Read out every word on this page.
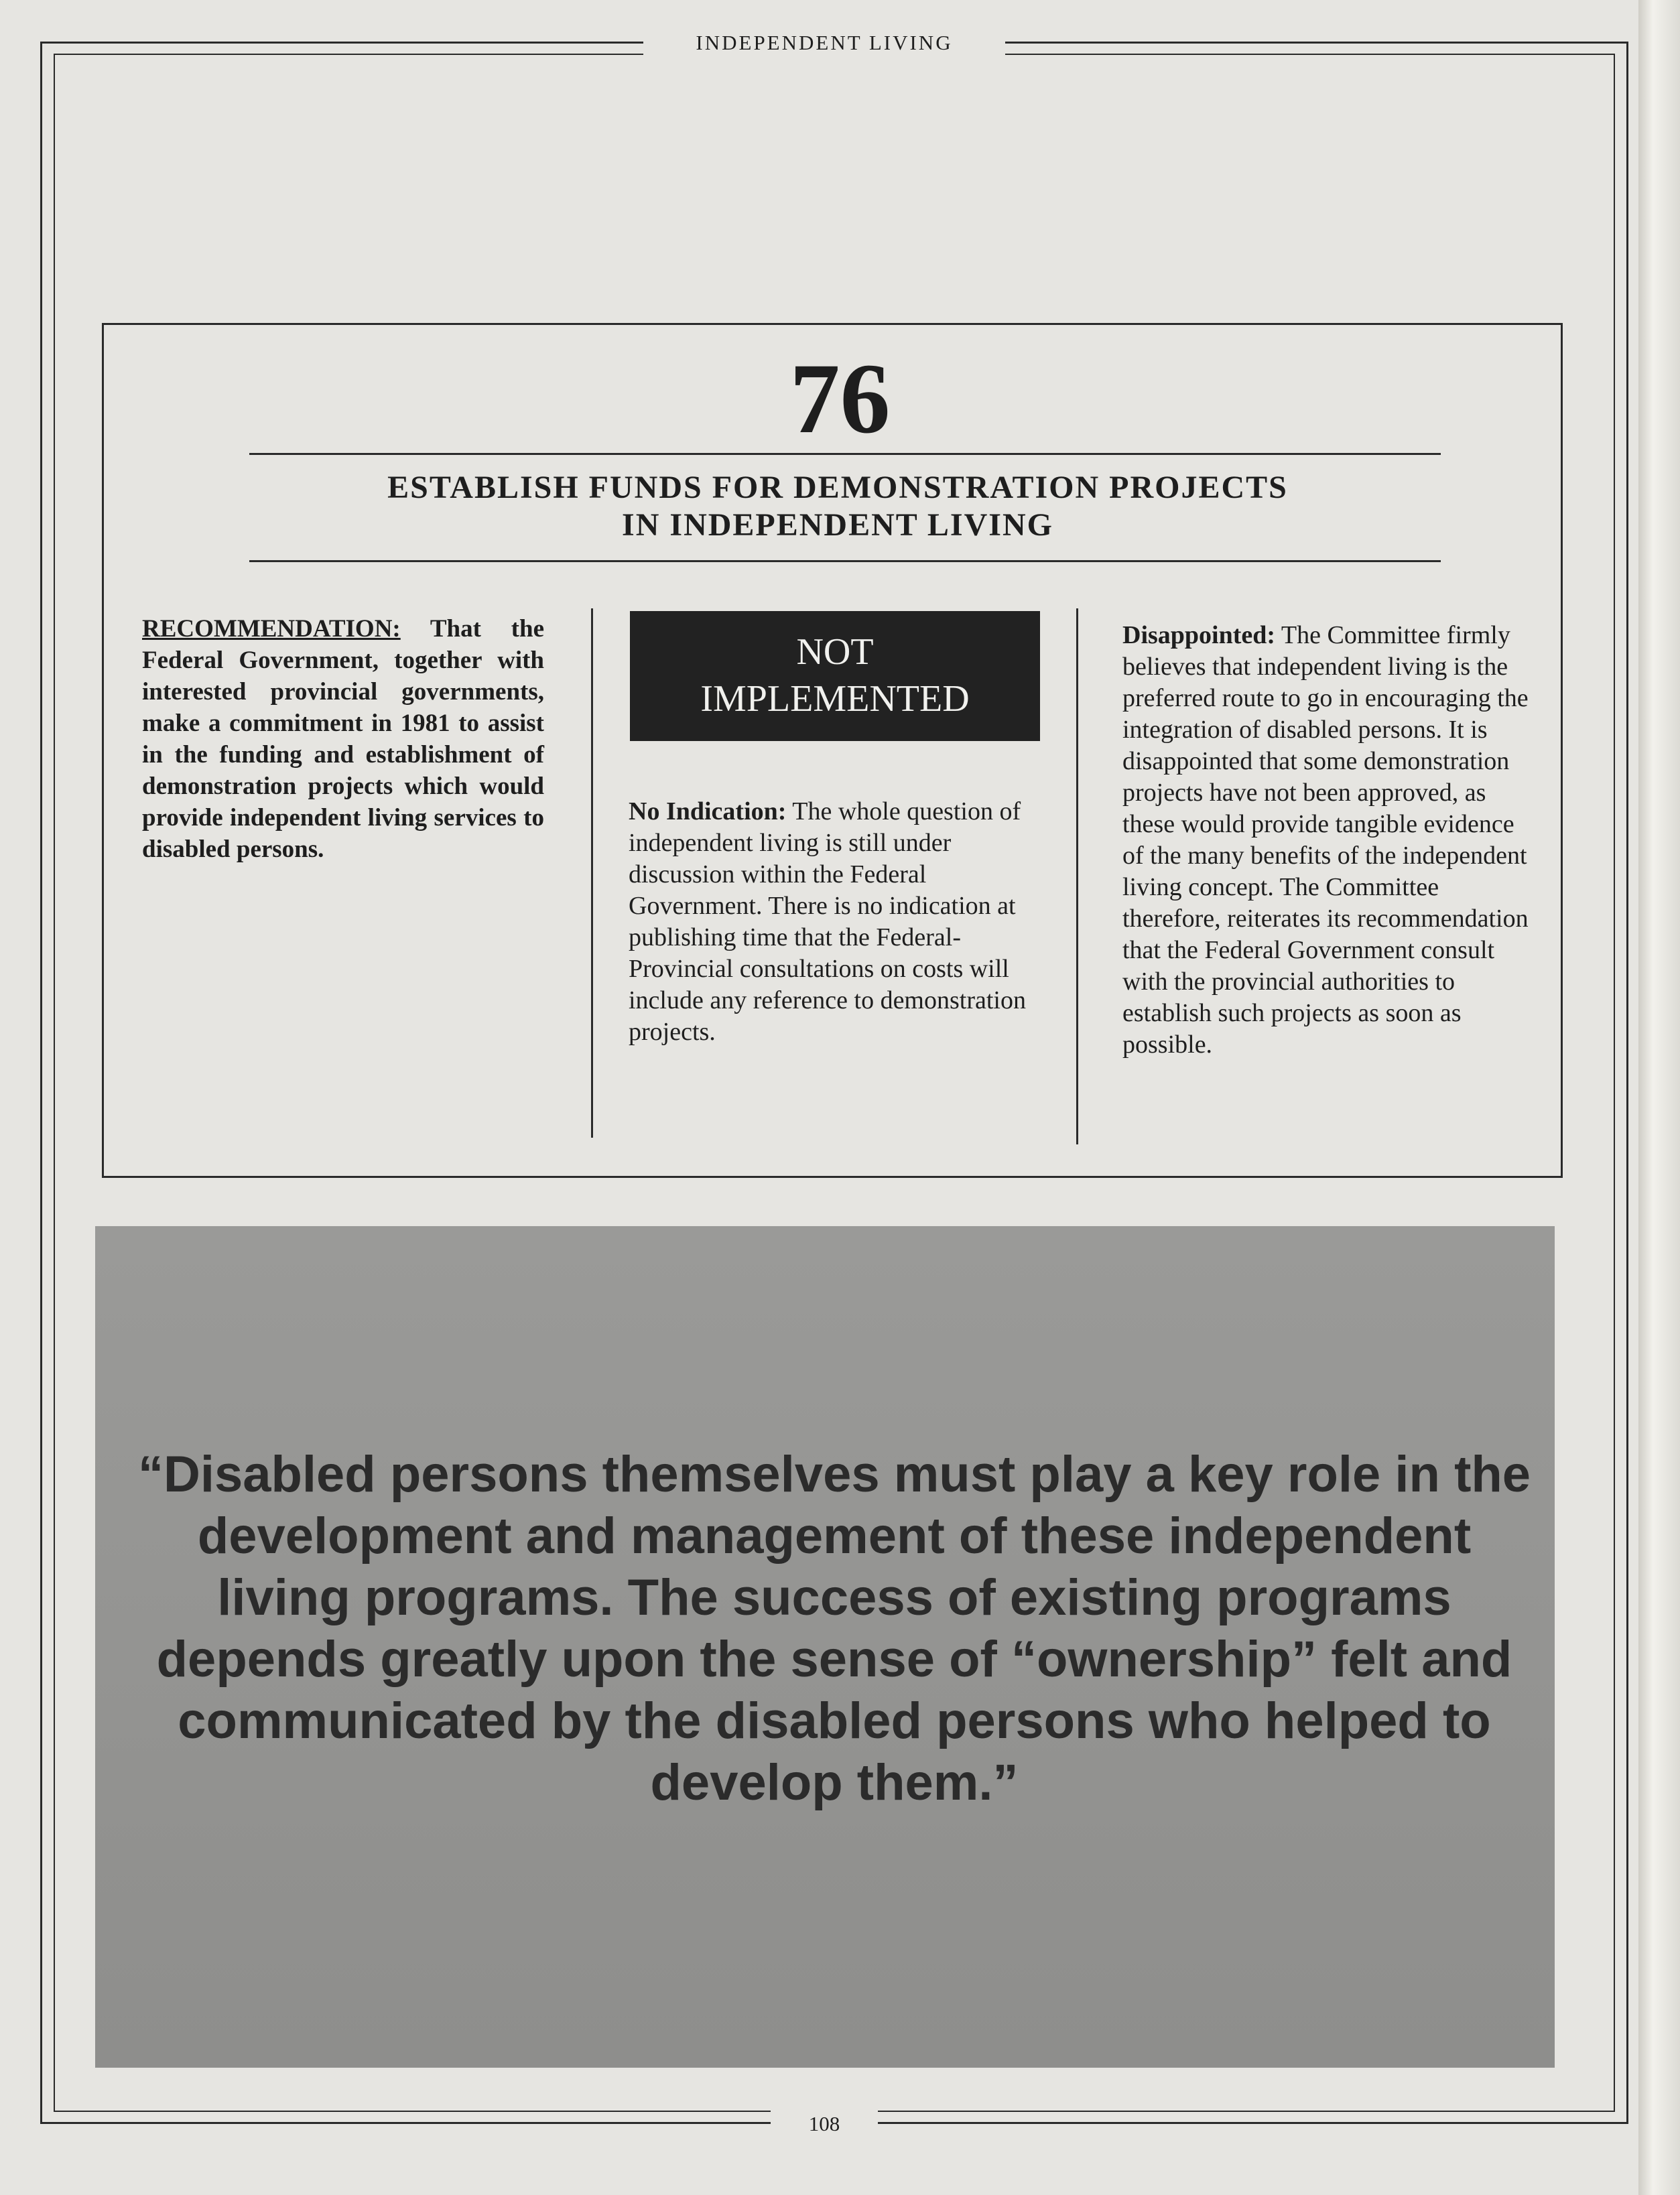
INDEPENDENT LIVING
76
ESTABLISH FUNDS FOR DEMONSTRATION PROJECTS
IN INDEPENDENT LIVING
RECOMMENDATION: That the Federal Government, together with interested provincial governments, make a commitment in 1981 to assist in the funding and establishment of demonstration projects which would provide independent living services to disabled persons.
NOT
IMPLEMENTED
No Indication: The whole question of independent living is still under discussion within the Federal Government. There is no indication at publishing time that the Federal-Provincial consultations on costs will include any reference to demonstration projects.
Disappointed: The Committee firmly believes that independent living is the preferred route to go in encouraging the integration of disabled persons. It is disappointed that some demonstration projects have not been approved, as these would provide tangible evidence of the many benefits of the independent living concept. The Committee therefore, reiterates its recommendation that the Federal Government consult with the provincial authorities to establish such projects as soon as possible.
“Disabled persons themselves must play a key role in the development and management of these independent living programs. The success of existing programs depends greatly upon the sense of “ownership” felt and communicated by the disabled persons who helped to develop them.”
108
